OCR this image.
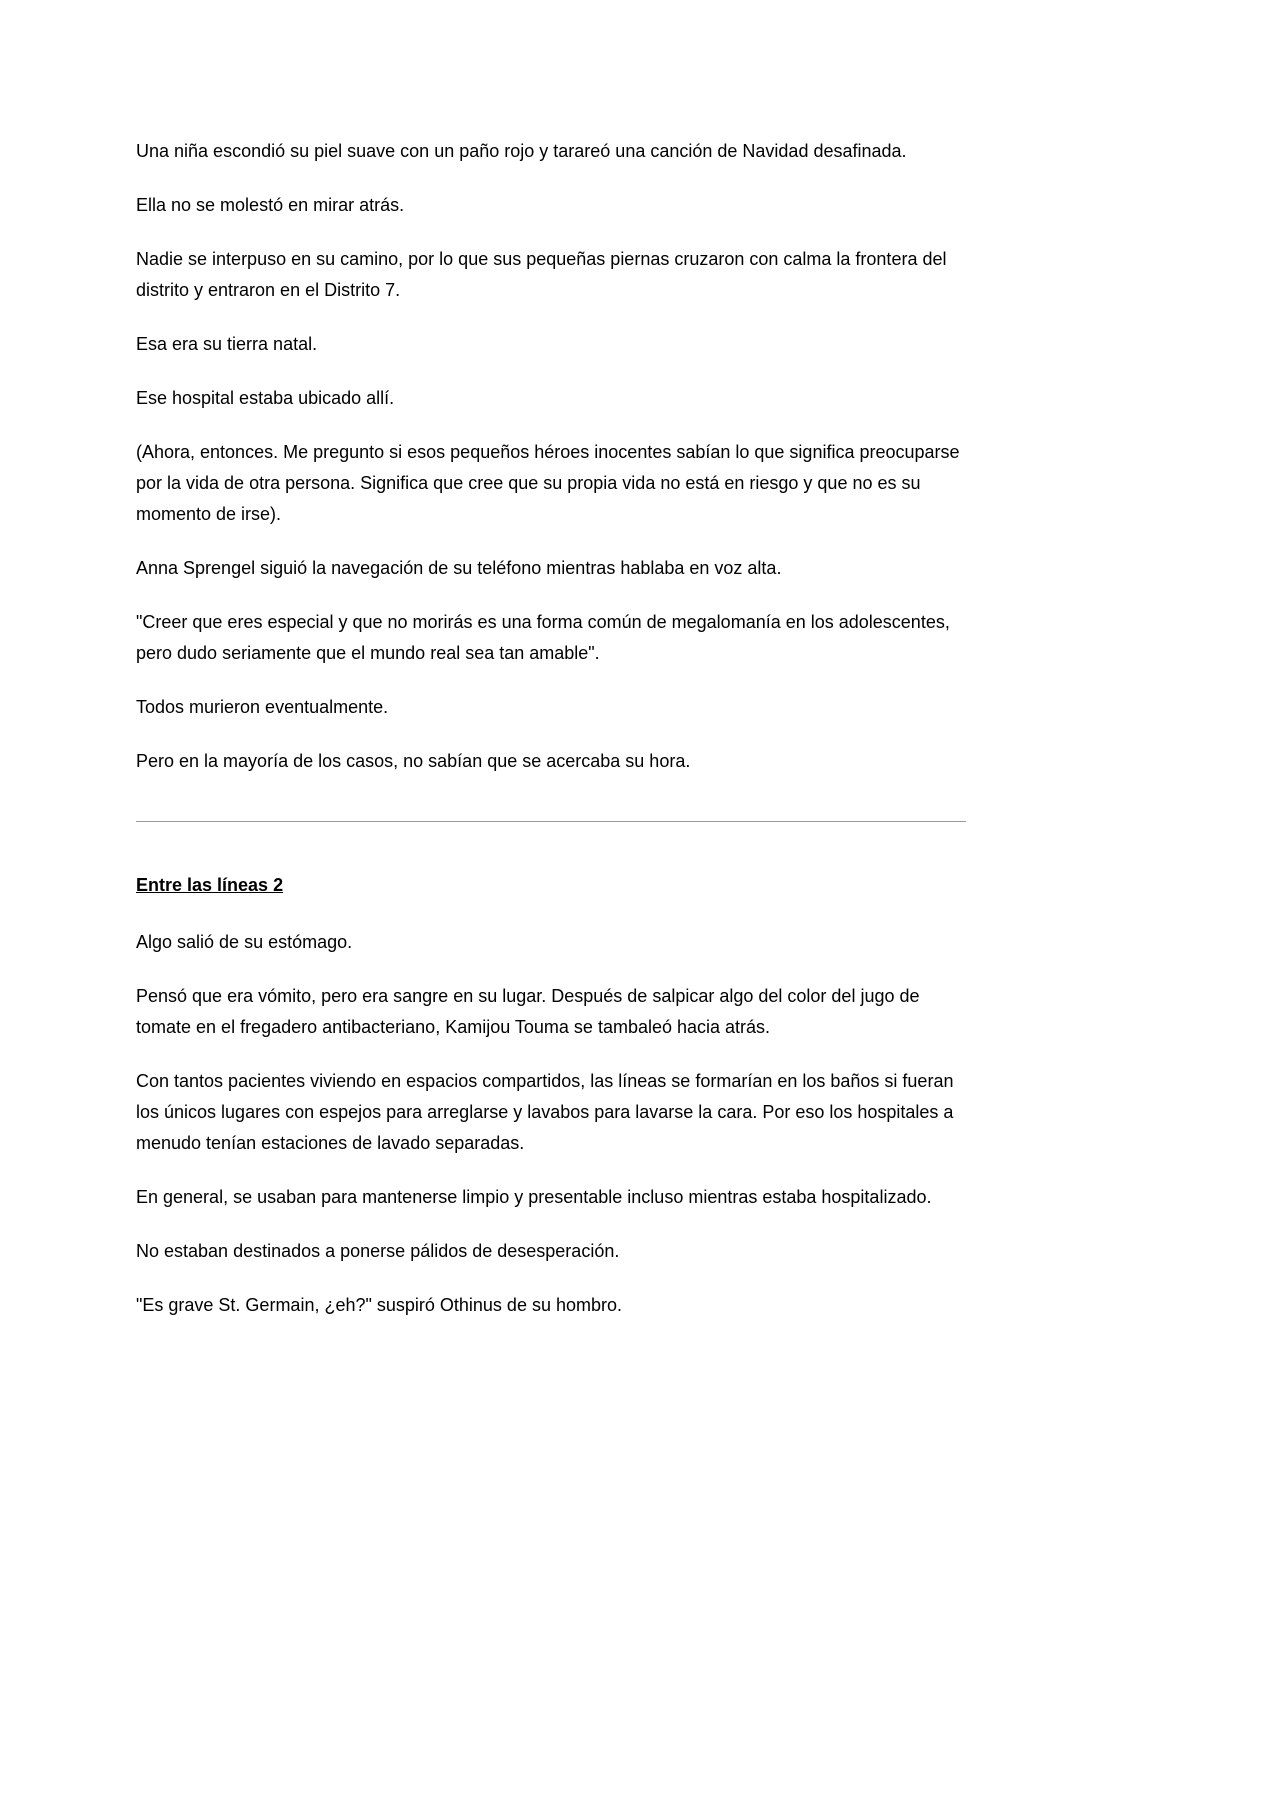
Una niña escondió su piel suave con un paño rojo y tarareó una canción de Navidad desafinada.

Ella no se molestó en mirar atrás.

Nadie se interpuso en su camino, por lo que sus pequeñas piernas cruzaron con calma la frontera del distrito y entraron en el Distrito 7.

Esa era su tierra natal.

Ese hospital estaba ubicado allí.

(Ahora, entonces. Me pregunto si esos pequeños héroes inocentes sabían lo que significa preocuparse por la vida de otra persona. Significa que cree que su propia vida no está en riesgo y que no es su momento de irse).

Anna Sprengel siguió la navegación de su teléfono mientras hablaba en voz alta.

"Creer que eres especial y que no morirás es una forma común de megalomanía en los adolescentes, pero dudo seriamente que el mundo real sea tan amable".

Todos murieron eventualmente.

Pero en la mayoría de los casos, no sabían que se acercaba su hora.

Entre las líneas 2

Algo salió de su estómago.

Pensó que era vómito, pero era sangre en su lugar. Después de salpicar algo del color del jugo de tomate en el fregadero antibacteriano, Kamijou Touma se tambaleó hacia atrás.

Con tantos pacientes viviendo en espacios compartidos, las líneas se formarían en los baños si fueran los únicos lugares con espejos para arreglarse y lavabos para lavarse la cara. Por eso los hospitales a menudo tenían estaciones de lavado separadas.

En general, se usaban para mantenerse limpio y presentable incluso mientras estaba hospitalizado.

No estaban destinados a ponerse pálidos de desesperación.

"Es grave St. Germain, ¿eh?" suspiró Othinus de su hombro.
